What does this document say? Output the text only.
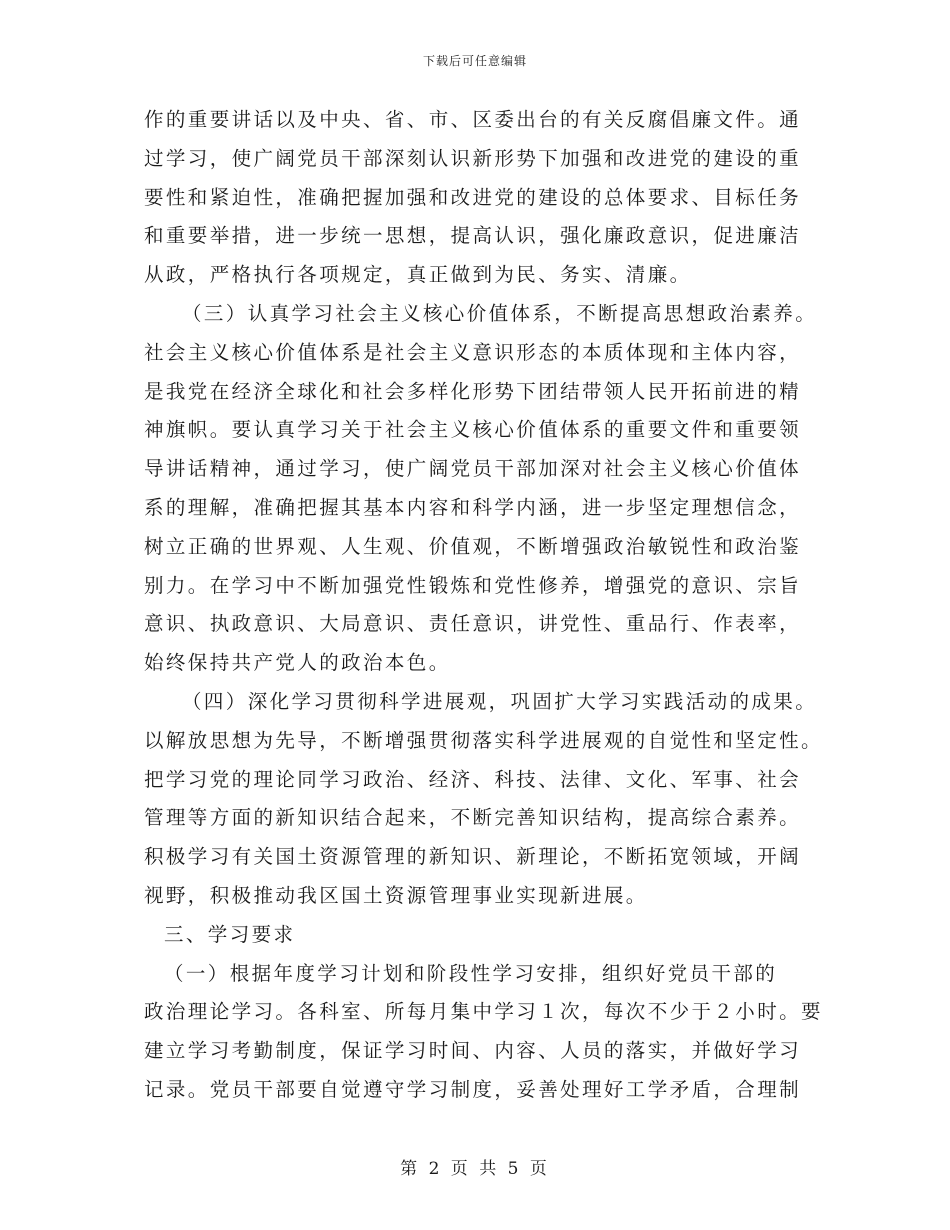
下载后可任意编辑
作的重要讲话以及中央、省、市、区委出台的有关反腐倡廉文件。通
过学习，使广阔党员干部深刻认识新形势下加强和改进党的建设的重
要性和紧迫性，准确把握加强和改进党的建设的总体要求、目标任务
和重要举措，进一步统一思想，提高认识，强化廉政意识，促进廉洁
从政，严格执行各项规定，真正做到为民、务实、清廉。
（三）认真学习社会主义核心价值体系，不断提高思想政治素养。
社会主义核心价值体系是社会主义意识形态的本质体现和主体内容，
是我党在经济全球化和社会多样化形势下团结带领人民开拓前进的精
神旗帜。要认真学习关于社会主义核心价值体系的重要文件和重要领
导讲话精神，通过学习，使广阔党员干部加深对社会主义核心价值体
系的理解，准确把握其基本内容和科学内涵，进一步坚定理想信念，
树立正确的世界观、人生观、价值观，不断增强政治敏锐性和政治鉴
别力。在学习中不断加强党性锻炼和党性修养，增强党的意识、宗旨
意识、执政意识、大局意识、责任意识，讲党性、重品行、作表率，
始终保持共产党人的政治本色。
（四）深化学习贯彻科学进展观，巩固扩大学习实践活动的成果。
以解放思想为先导，不断增强贯彻落实科学进展观的自觉性和坚定性。
把学习党的理论同学习政治、经济、科技、法律、文化、军事、社会
管理等方面的新知识结合起来，不断完善知识结构，提高综合素养。
积极学习有关国土资源管理的新知识、新理论，不断拓宽领域，开阔
视野，积极推动我区国土资源管理事业实现新进展。
三、学习要求
（一）根据年度学习计划和阶段性学习安排，组织好党员干部的
政治理论学习。各科室、所每月集中学习１次，每次不少于２小时。要
建立学习考勤制度，保证学习时间、内容、人员的落实，并做好学习
记录。党员干部要自觉遵守学习制度，妥善处理好工学矛盾，合理制
第 2 页 共 5 页
